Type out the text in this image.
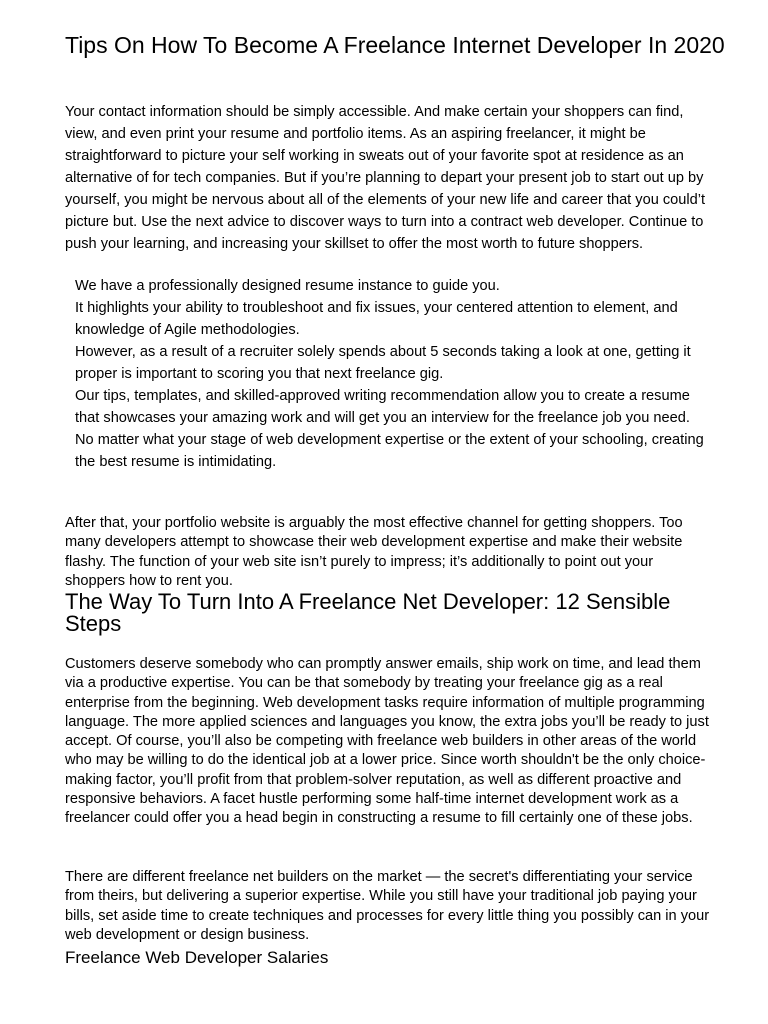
Tips On How To Become A Freelance Internet Developer In 2020

Your contact information should be simply accessible. And make certain your shoppers can find, view, and even print your resume and portfolio items. As an aspiring freelancer, it might be straightforward to picture your self working in sweats out of your favorite spot at residence as an alternative of for tech companies. But if you’re planning to depart your present job to start out up by yourself, you might be nervous about all of the elements of your new life and career that you could’t picture but. Use the next advice to discover ways to turn into a contract web developer. Continue to push your learning, and increasing your skillset to offer the most worth to future shoppers.

We have a professionally designed resume instance to guide you.
It highlights your ability to troubleshoot and fix issues, your centered attention to element, and knowledge of Agile methodologies.
However, as a result of a recruiter solely spends about 5 seconds taking a look at one, getting it proper is important to scoring you that next freelance gig.
Our tips, templates, and skilled-approved writing recommendation allow you to create a resume that showcases your amazing work and will get you an interview for the freelance job you need.
No matter what your stage of web development expertise or the extent of your schooling, creating the best resume is intimidating.

After that, your portfolio website is arguably the most effective channel for getting shoppers. Too many developers attempt to showcase their web development expertise and make their website flashy. The function of your web site isn’t purely to impress; it’s additionally to point out your shoppers how to rent you.

The Way To Turn Into A Freelance Net Developer: 12 Sensible Steps

Customers deserve somebody who can promptly answer emails, ship work on time, and lead them via a productive expertise. You can be that somebody by treating your freelance gig as a real enterprise from the beginning. Web development tasks require information of multiple programming language. The more applied sciences and languages you know, the extra jobs you’ll be ready to just accept. Of course, you’ll also be competing with freelance web builders in other areas of the world who may be willing to do the identical job at a lower price. Since worth shouldn't be the only choice-making factor, you’ll profit from that problem-solver reputation, as well as different proactive and responsive behaviors. A facet hustle performing some half-time internet development work as a freelancer could offer you a head begin in constructing a resume to fill certainly one of these jobs.

There are different freelance net builders on the market — the secret's differentiating your service from theirs, but delivering a superior expertise. While you still have your traditional job paying your bills, set aside time to create techniques and processes for every little thing you possibly can in your web development or design business.

Freelance Web Developer Salaries
